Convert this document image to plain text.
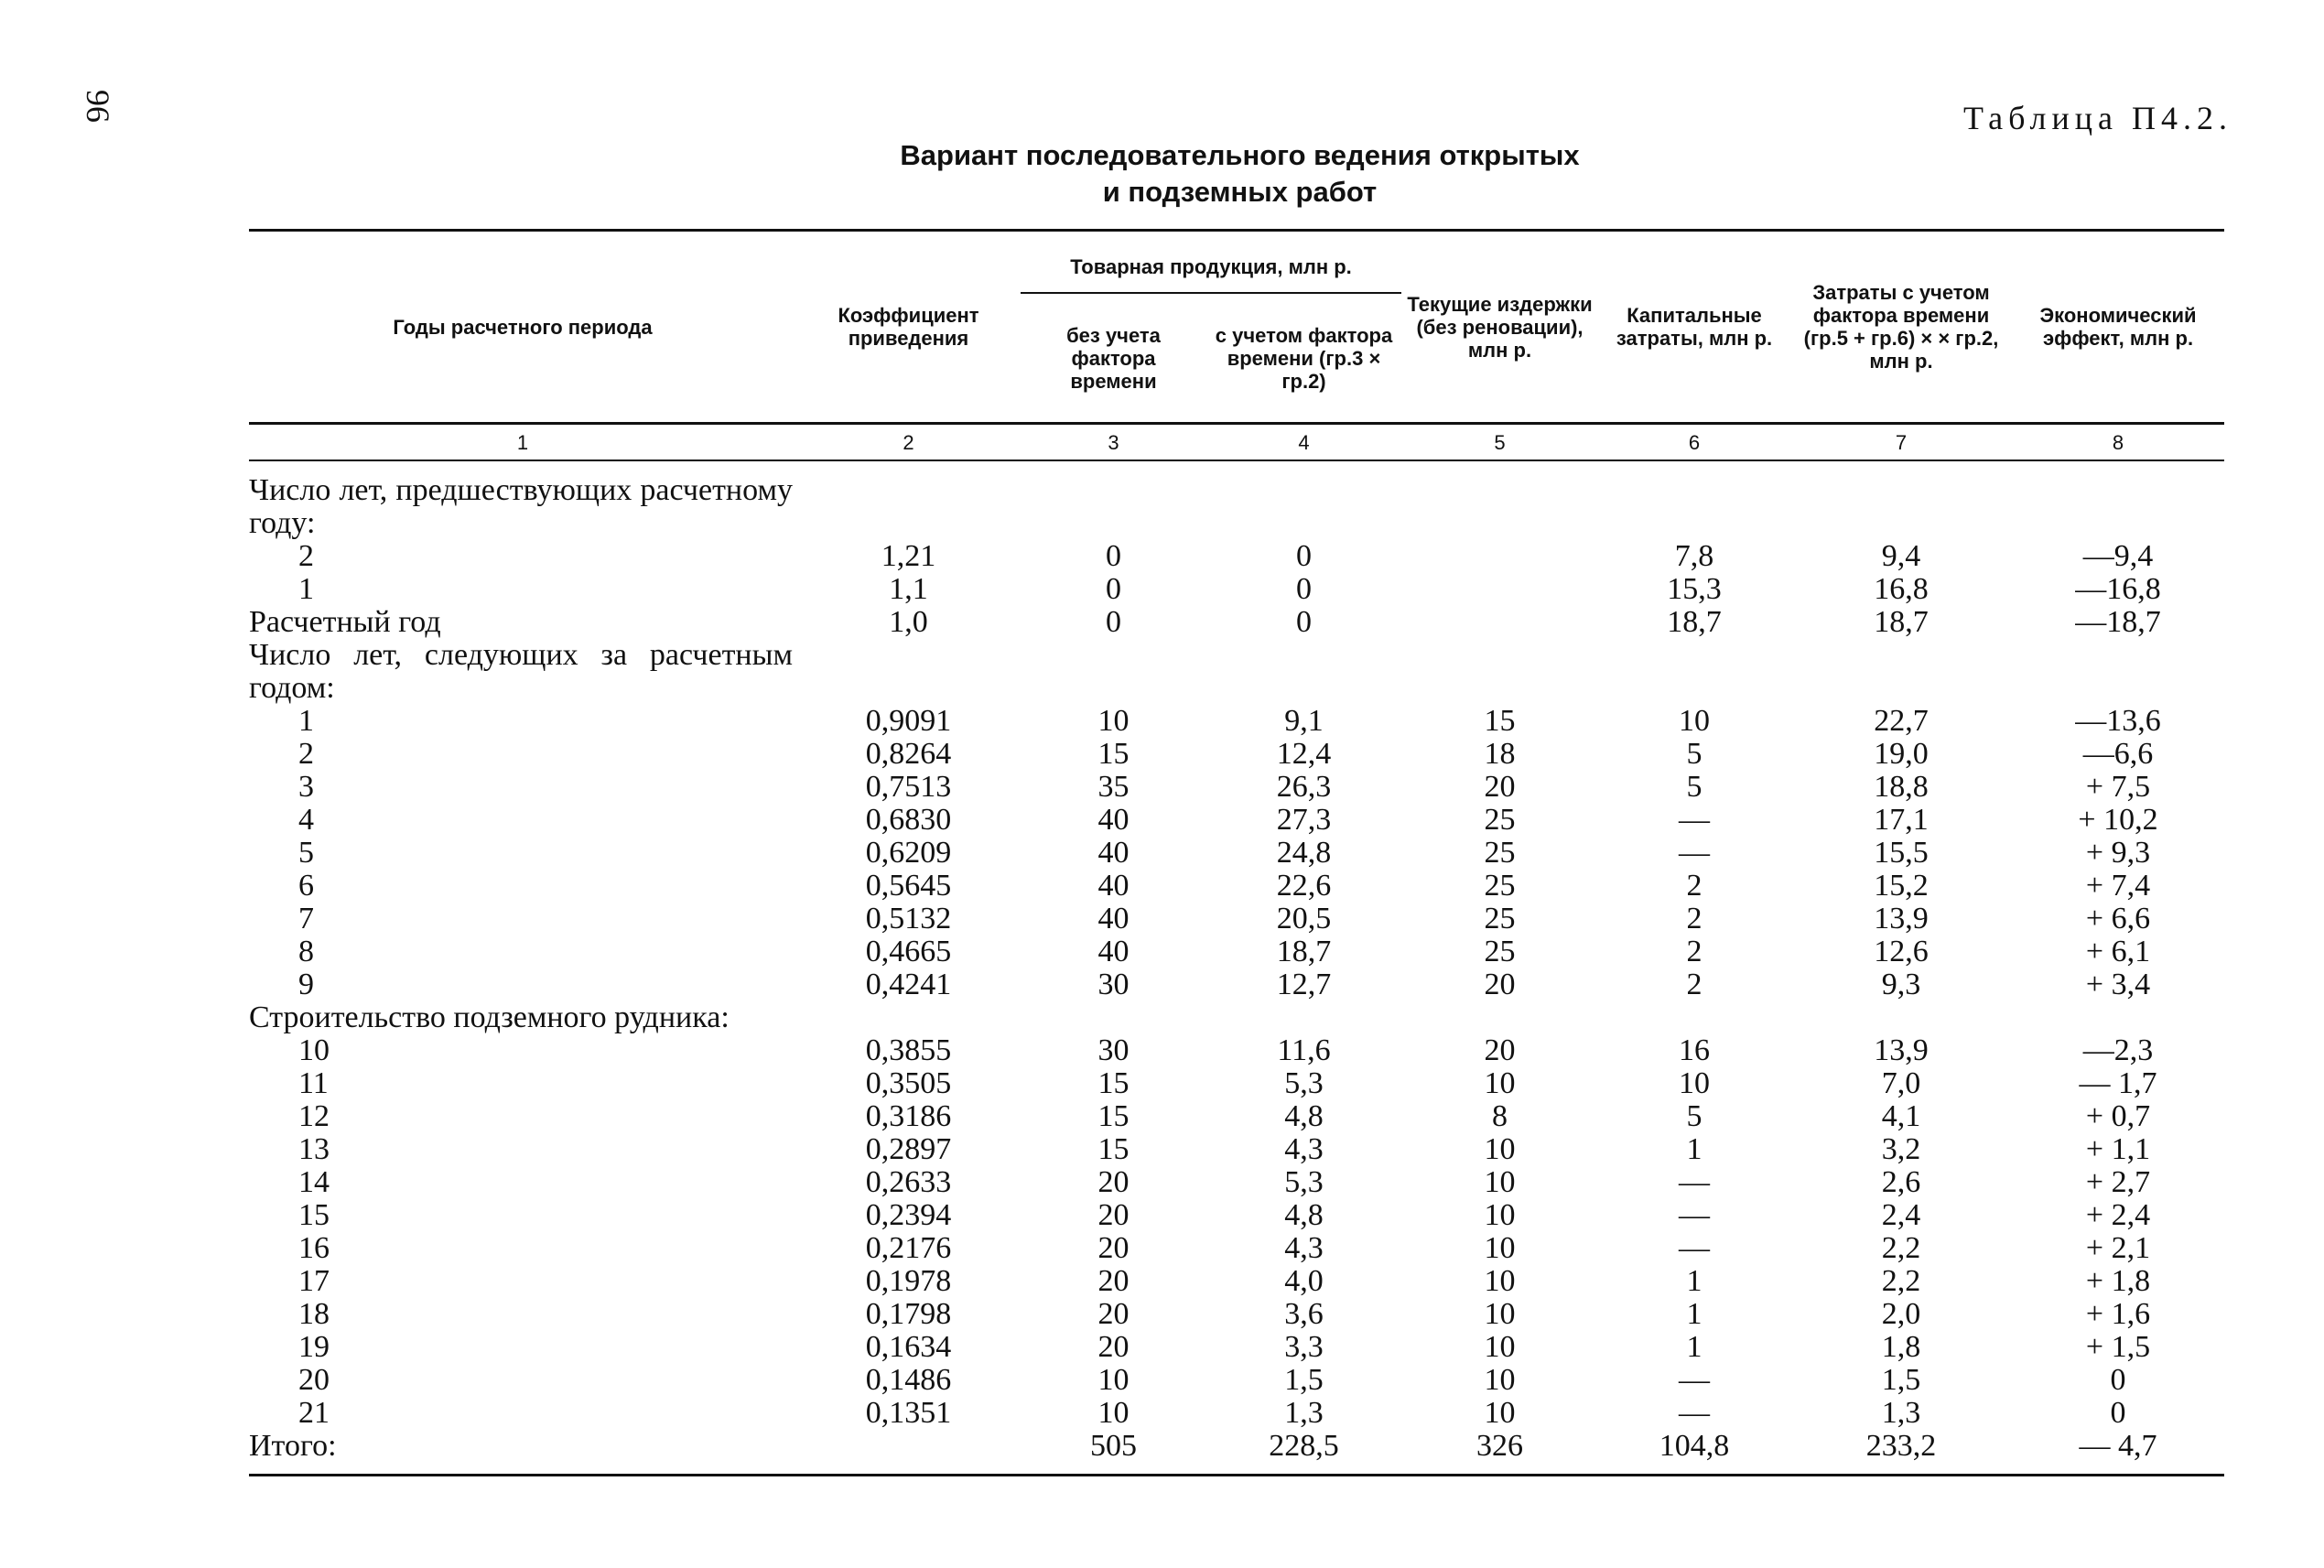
96	Таблица П4.2.
Вариант последовательного ведения открытых
и подземных работ
Годы расчетного периода	Коэффициент приведения	Товарная продукция, млн р.		Текущие издержки (без реновации), млн р.	Капитальные затраты, млн р.	Затраты с учетом фактора времени (гр.5 + гр.6) × × гр.2, млн р.	Экономический эффект, млн р.
		без учета фактора времени	с учетом фактора времени (гр.3 × гр.2)				
1	2	3	4	5	6	7	8
Число лет, предшествующих расчетному году:							
2	1,21	0	0		7,8	9,4	—9,4
1	1,1	0	0		15,3	16,8	—16,8
Расчетный год	1,0	0	0		18,7	18,7	—18,7
Число лет, следующих за расчетным годом:							
1	0,9091	10	9,1	15	10	22,7	—13,6
2	0,8264	15	12,4	18	5	19,0	—6,6
3	0,7513	35	26,3	20	5	18,8	+ 7,5
4	0,6830	40	27,3	25	—	17,1	+ 10,2
5	0,6209	40	24,8	25	—	15,5	+ 9,3
6	0,5645	40	22,6	25	2	15,2	+ 7,4
7	0,5132	40	20,5	25	2	13,9	+ 6,6
8	0,4665	40	18,7	25	2	12,6	+ 6,1
9	0,4241	30	12,7	20	2	9,3	+ 3,4
Строительство подземного рудника:							
10	0,3855	30	11,6	20	16	13,9	—2,3
11	0,3505	15	5,3	10	10	7,0	— 1,7
12	0,3186	15	4,8	8	5	4,1	+ 0,7
13	0,2897	15	4,3	10	1	3,2	+ 1,1
14	0,2633	20	5,3	10	—	2,6	+ 2,7
15	0,2394	20	4,8	10	—	2,4	+ 2,4
16	0,2176	20	4,3	10	—	2,2	+ 2,1
17	0,1978	20	4,0	10	1	2,2	+ 1,8
18	0,1798	20	3,6	10	1	2,0	+ 1,6
19	0,1634	20	3,3	10	1	1,8	+ 1,5
20	0,1486	10	1,5	10	—	1,5	0
21	0,1351	10	1,3	10	—	1,3	0
Итого:		505	228,5	326	104,8	233,2	— 4,7
